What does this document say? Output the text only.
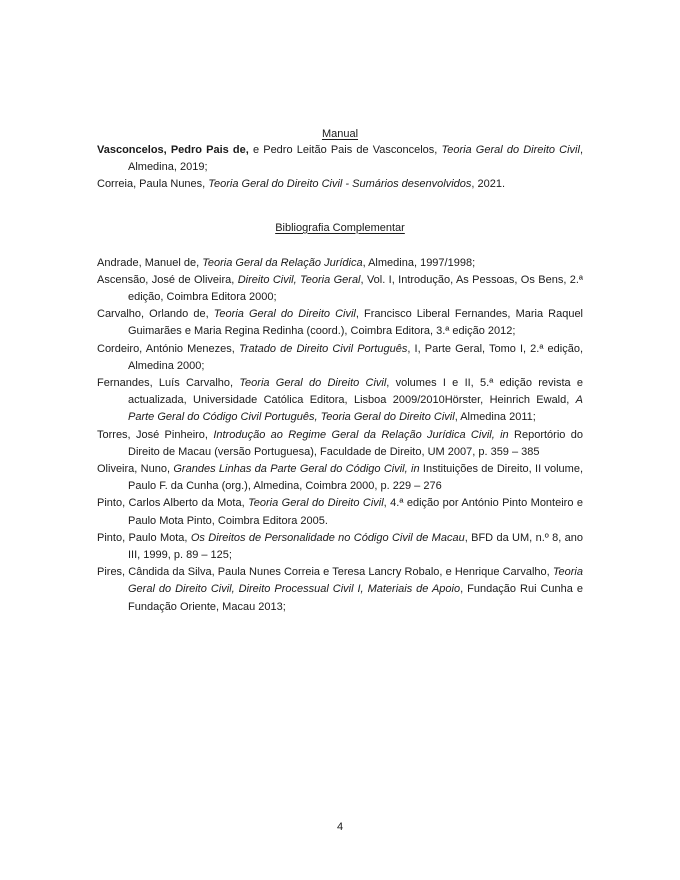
Manual
Vasconcelos, Pedro Pais de, e Pedro Leitão Pais de Vasconcelos, Teoria Geral do Direito Civil, Almedina, 2019;
Correia, Paula Nunes, Teoria Geral do Direito Civil - Sumários desenvolvidos, 2021.
Bibliografia Complementar
Andrade, Manuel de, Teoria Geral da Relação Jurídica, Almedina, 1997/1998;
Ascensão, José de Oliveira, Direito Civil, Teoria Geral, Vol. I, Introdução, As Pessoas, Os Bens, 2.ª edição, Coimbra Editora 2000;
Carvalho, Orlando de, Teoria Geral do Direito Civil, Francisco Liberal Fernandes, Maria Raquel Guimarães e Maria Regina Redinha (coord.), Coimbra Editora, 3.ª edição 2012;
Cordeiro, António Menezes, Tratado de Direito Civil Português, I, Parte Geral, Tomo I, 2.ª edição, Almedina 2000;
Fernandes, Luís Carvalho, Teoria Geral do Direito Civil, volumes I e II, 5.ª edição revista e actualizada, Universidade Católica Editora, Lisboa 2009/2010Hörster, Heinrich Ewald, A Parte Geral do Código Civil Português, Teoria Geral do Direito Civil, Almedina 2011;
Torres, José Pinheiro, Introdução ao Regime Geral da Relação Jurídica Civil, in Reportório do Direito de Macau (versão Portuguesa), Faculdade de Direito, UM 2007, p. 359 – 385
Oliveira, Nuno, Grandes Linhas da Parte Geral do Código Civil, in Instituições de Direito, II volume, Paulo F. da Cunha (org.), Almedina, Coimbra 2000, p. 229 – 276
Pinto, Carlos Alberto da Mota, Teoria Geral do Direito Civil, 4.ª edição por António Pinto Monteiro e Paulo Mota Pinto, Coimbra Editora 2005.
Pinto, Paulo Mota, Os Direitos de Personalidade no Código Civil de Macau, BFD da UM, n.º 8, ano III, 1999, p. 89 – 125;
Pires, Cândida da Silva, Paula Nunes Correia e Teresa Lancry Robalo, e Henrique Carvalho, Teoria Geral do Direito Civil, Direito Processual Civil I, Materiais de Apoio, Fundação Rui Cunha e Fundação Oriente, Macau 2013;
4
